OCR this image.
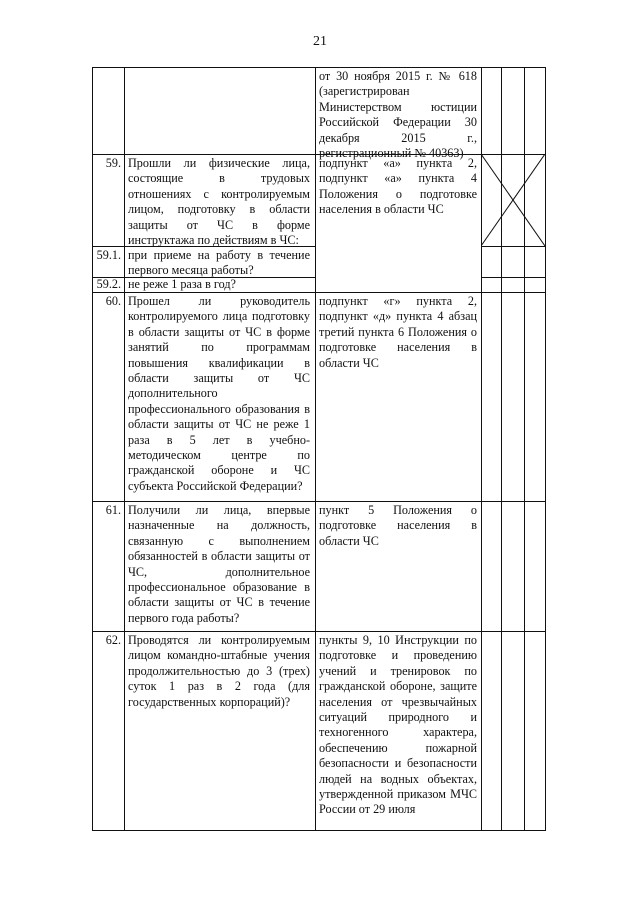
21
от 30 ноября 2015 г. № 618 (зарегистрирован Министерством юстиции Российской Федерации 30 декабря 2015 г., регистрационный № 40363)
59. Прошли ли физические лица, состоящие в трудовых отношениях с контролируемым лицом, подготовку в области защиты от ЧС в форме инструктажа по действиям в ЧС:
подпункт «а» пункта 2, подпункт «а» пункта 4 Положения о подготовке населения в области ЧС
59.1. при приеме на работу в течение первого месяца работы?
59.2. не реже 1 раза в год?
60. Прошел ли руководитель контролируемого лица подготовку в области защиты от ЧС в форме занятий по программам повышения квалификации в области защиты от ЧС дополнительного профессионального образования в области защиты от ЧС не реже 1 раза в 5 лет в учебно-методическом центре по гражданской обороне и ЧС субъекта Российской Федерации?
подпункт «г» пункта 2, подпункт «д» пункта 4 абзац третий пункта 6 Положения о подготовке населения в области ЧС
61. Получили ли лица, впервые назначенные на должность, связанную с выполнением обязанностей в области защиты от ЧС, дополнительное профессиональное образование в области защиты от ЧС в течение первого года работы?
пункт 5 Положения о подготовке населения в области ЧС
62. Проводятся ли контролируемым лицом командно-штабные учения продолжительностью до 3 (трех) суток 1 раз в 2 года (для государственных корпораций)?
пункты 9, 10 Инструкции по подготовке и проведению учений и тренировок по гражданской обороне, защите населения от чрезвычайных ситуаций природного и техногенного характера, обеспечению пожарной безопасности и безопасности людей на водных объектах, утвержденной приказом МЧС России от 29 июля
